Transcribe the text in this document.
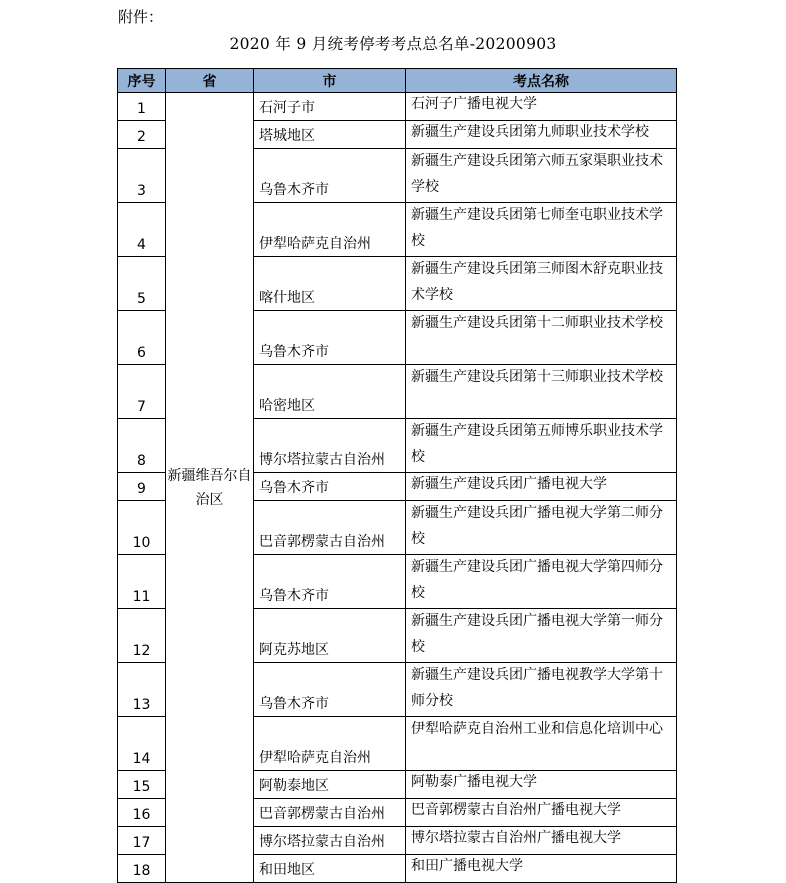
附件：
2020 年 9 月统考停考考点总名单-20200903
序号	省	市	考点名称
1	新疆维吾尔自治区	石河子市	石河子广播电视大学
2		塔城地区	新疆生产建设兵团第九师职业技术学校
3		乌鲁木齐市	新疆生产建设兵团第六师五家渠职业技术学校
4		伊犁哈萨克自治州	新疆生产建设兵团第七师奎屯职业技术学校
5		喀什地区	新疆生产建设兵团第三师图木舒克职业技术学校
6		乌鲁木齐市	新疆生产建设兵团第十二师职业技术学校
7		哈密地区	新疆生产建设兵团第十三师职业技术学校
8		博尔塔拉蒙古自治州	新疆生产建设兵团第五师博乐职业技术学校
9		乌鲁木齐市	新疆生产建设兵团广播电视大学
10		巴音郭楞蒙古自治州	新疆生产建设兵团广播电视大学第二师分校
11		乌鲁木齐市	新疆生产建设兵团广播电视大学第四师分校
12		阿克苏地区	新疆生产建设兵团广播电视大学第一师分校
13		乌鲁木齐市	新疆生产建设兵团广播电视教学大学第十师分校
14		伊犁哈萨克自治州	伊犁哈萨克自治州工业和信息化培训中心
15		阿勒泰地区	阿勒泰广播电视大学
16		巴音郭楞蒙古自治州	巴音郭楞蒙古自治州广播电视大学
17		博尔塔拉蒙古自治州	博尔塔拉蒙古自治州广播电视大学
18		和田地区	和田广播电视大学
